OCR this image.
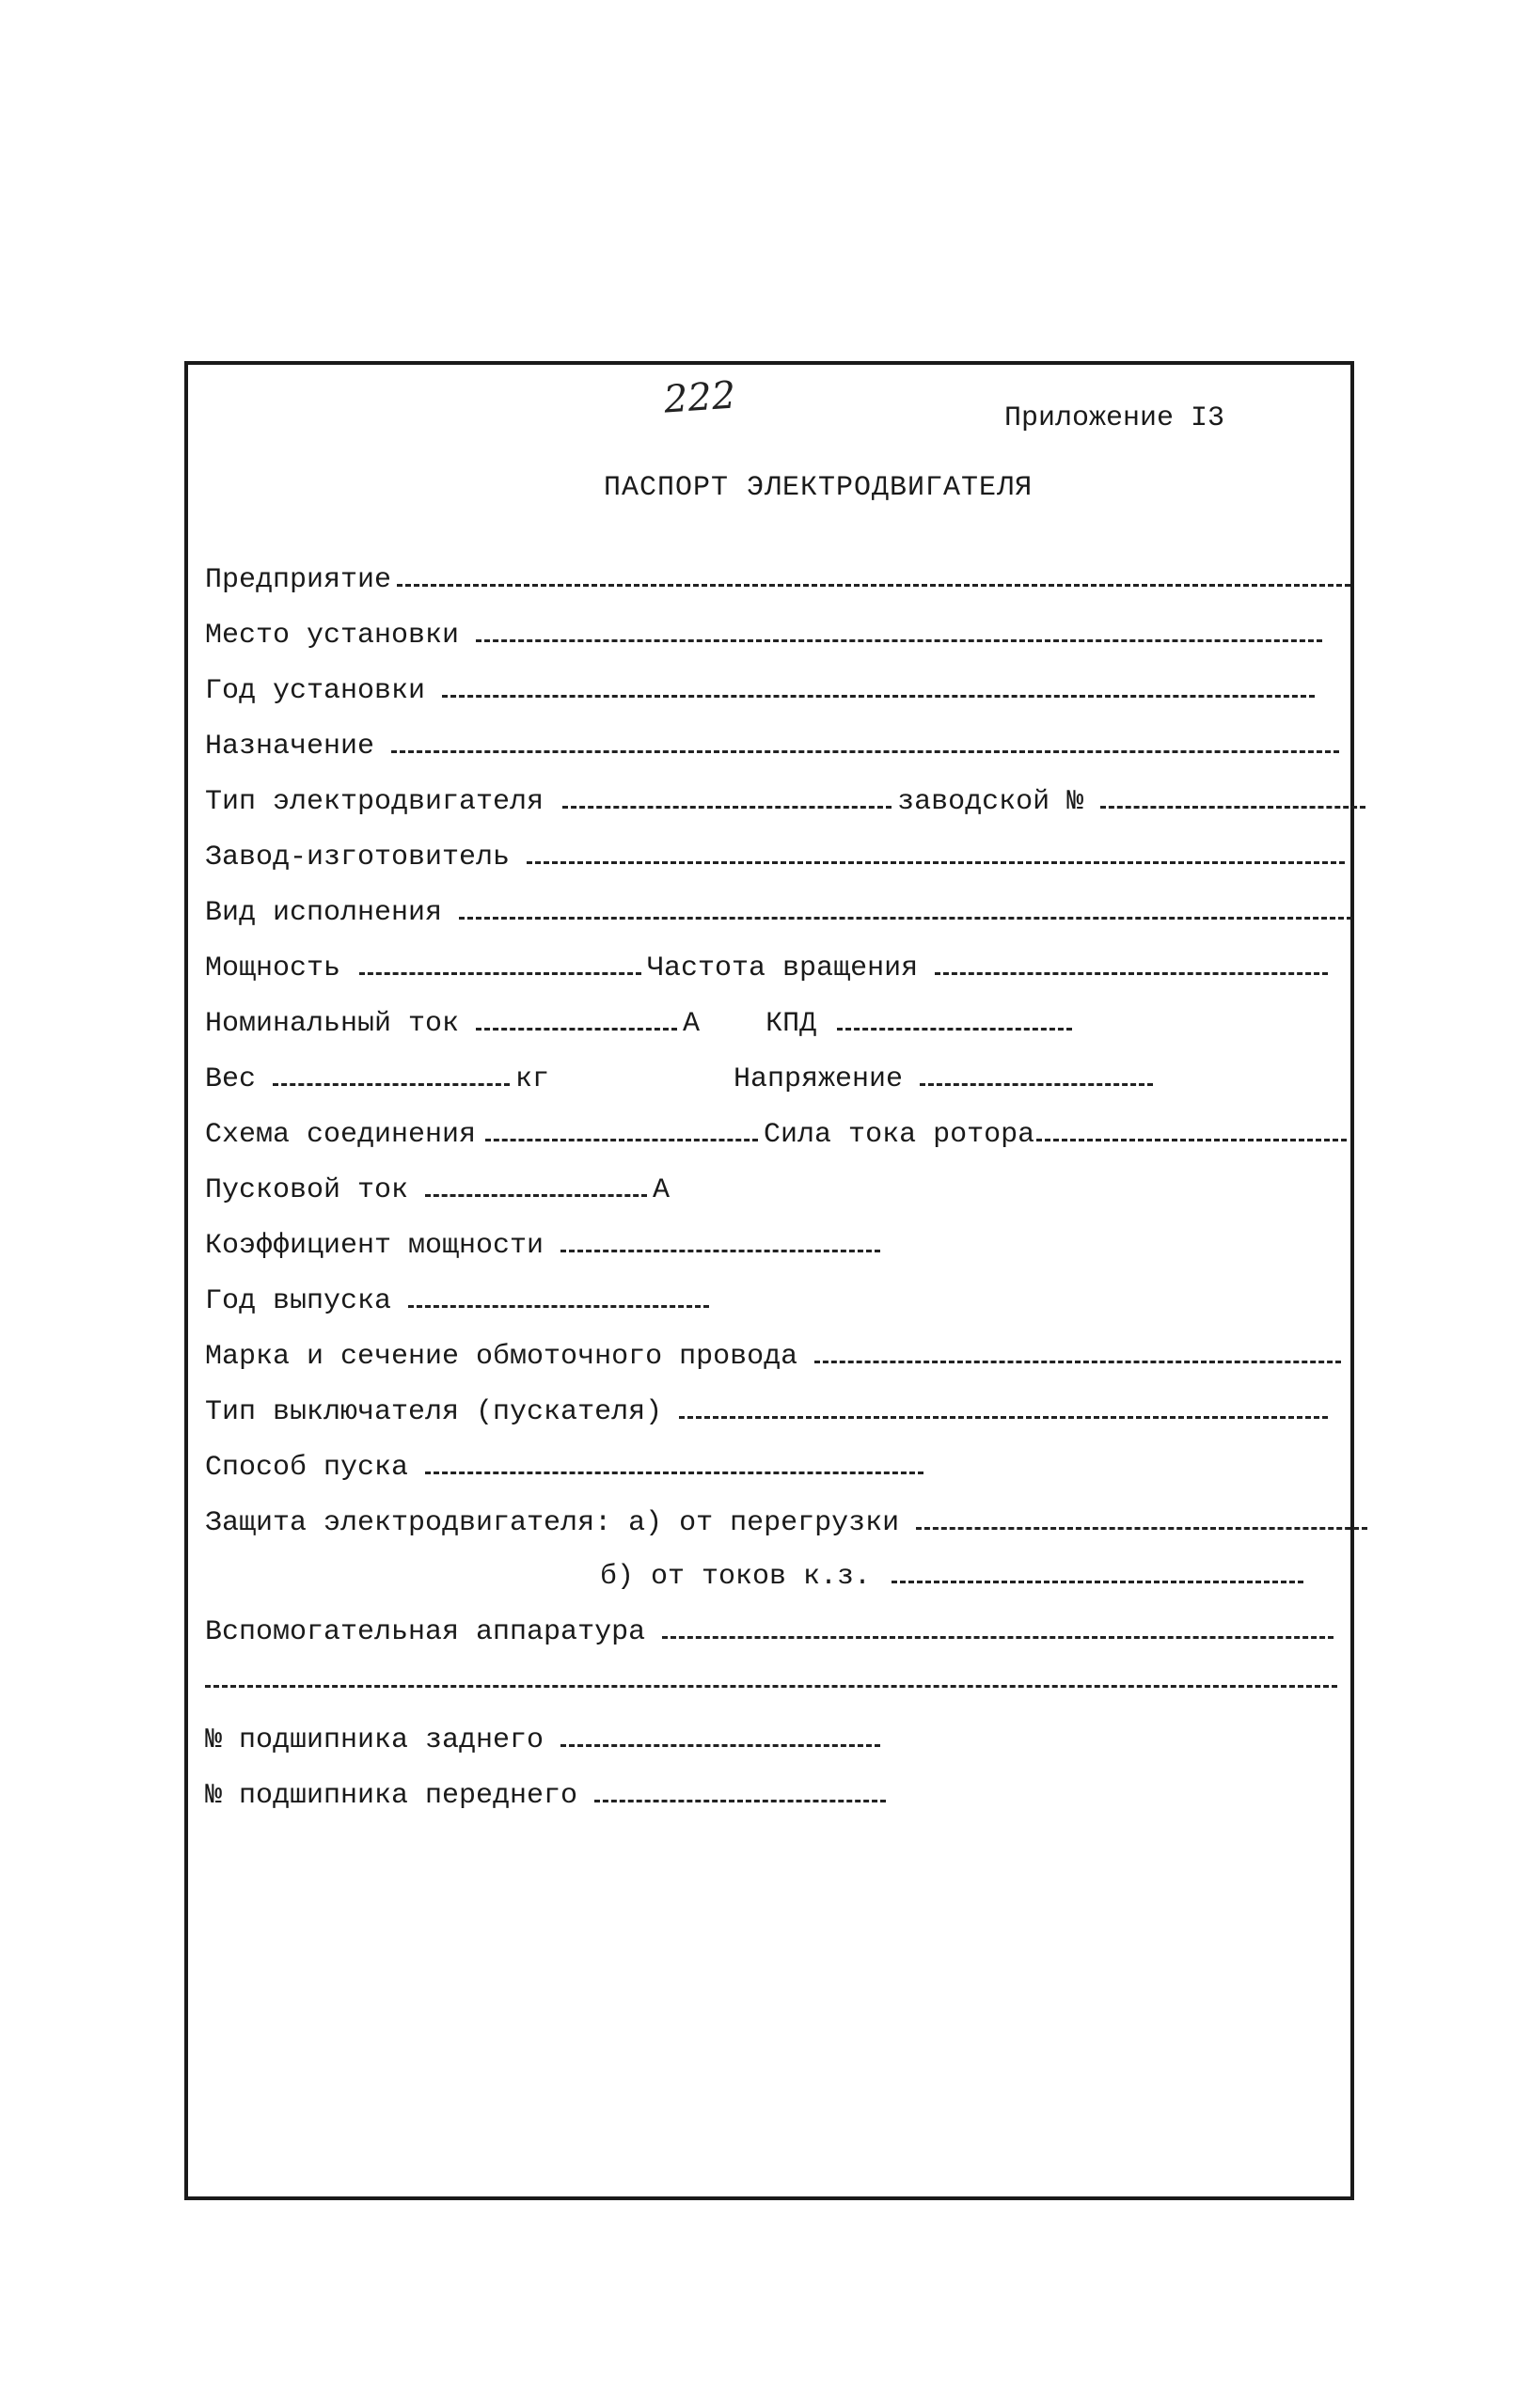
222	Приложение I3
ПАСПОРТ ЭЛЕКТРОДВИГАТЕЛЯ
Предприятие
Место установки
Год установки
Назначение
Тип электродвигателя	заводской №
Завод-изготовитель
Вид исполнения
Мощность	Частота вращения
Номинальный ток	А КПД
Вес	кг	Напряжение
Схема соединения	Сила тока ротора
Пусковой ток	А
Коэффициент мощности
Год выпуска
Марка и сечение обмоточного провода
Тип выключателя (пускателя)
Способ пуска
Защита электродвигателя: а) от перегрузки
б) от токов к.з.
Вспомогательная аппаратура
№ подшипника заднего
№ подшипника переднего
